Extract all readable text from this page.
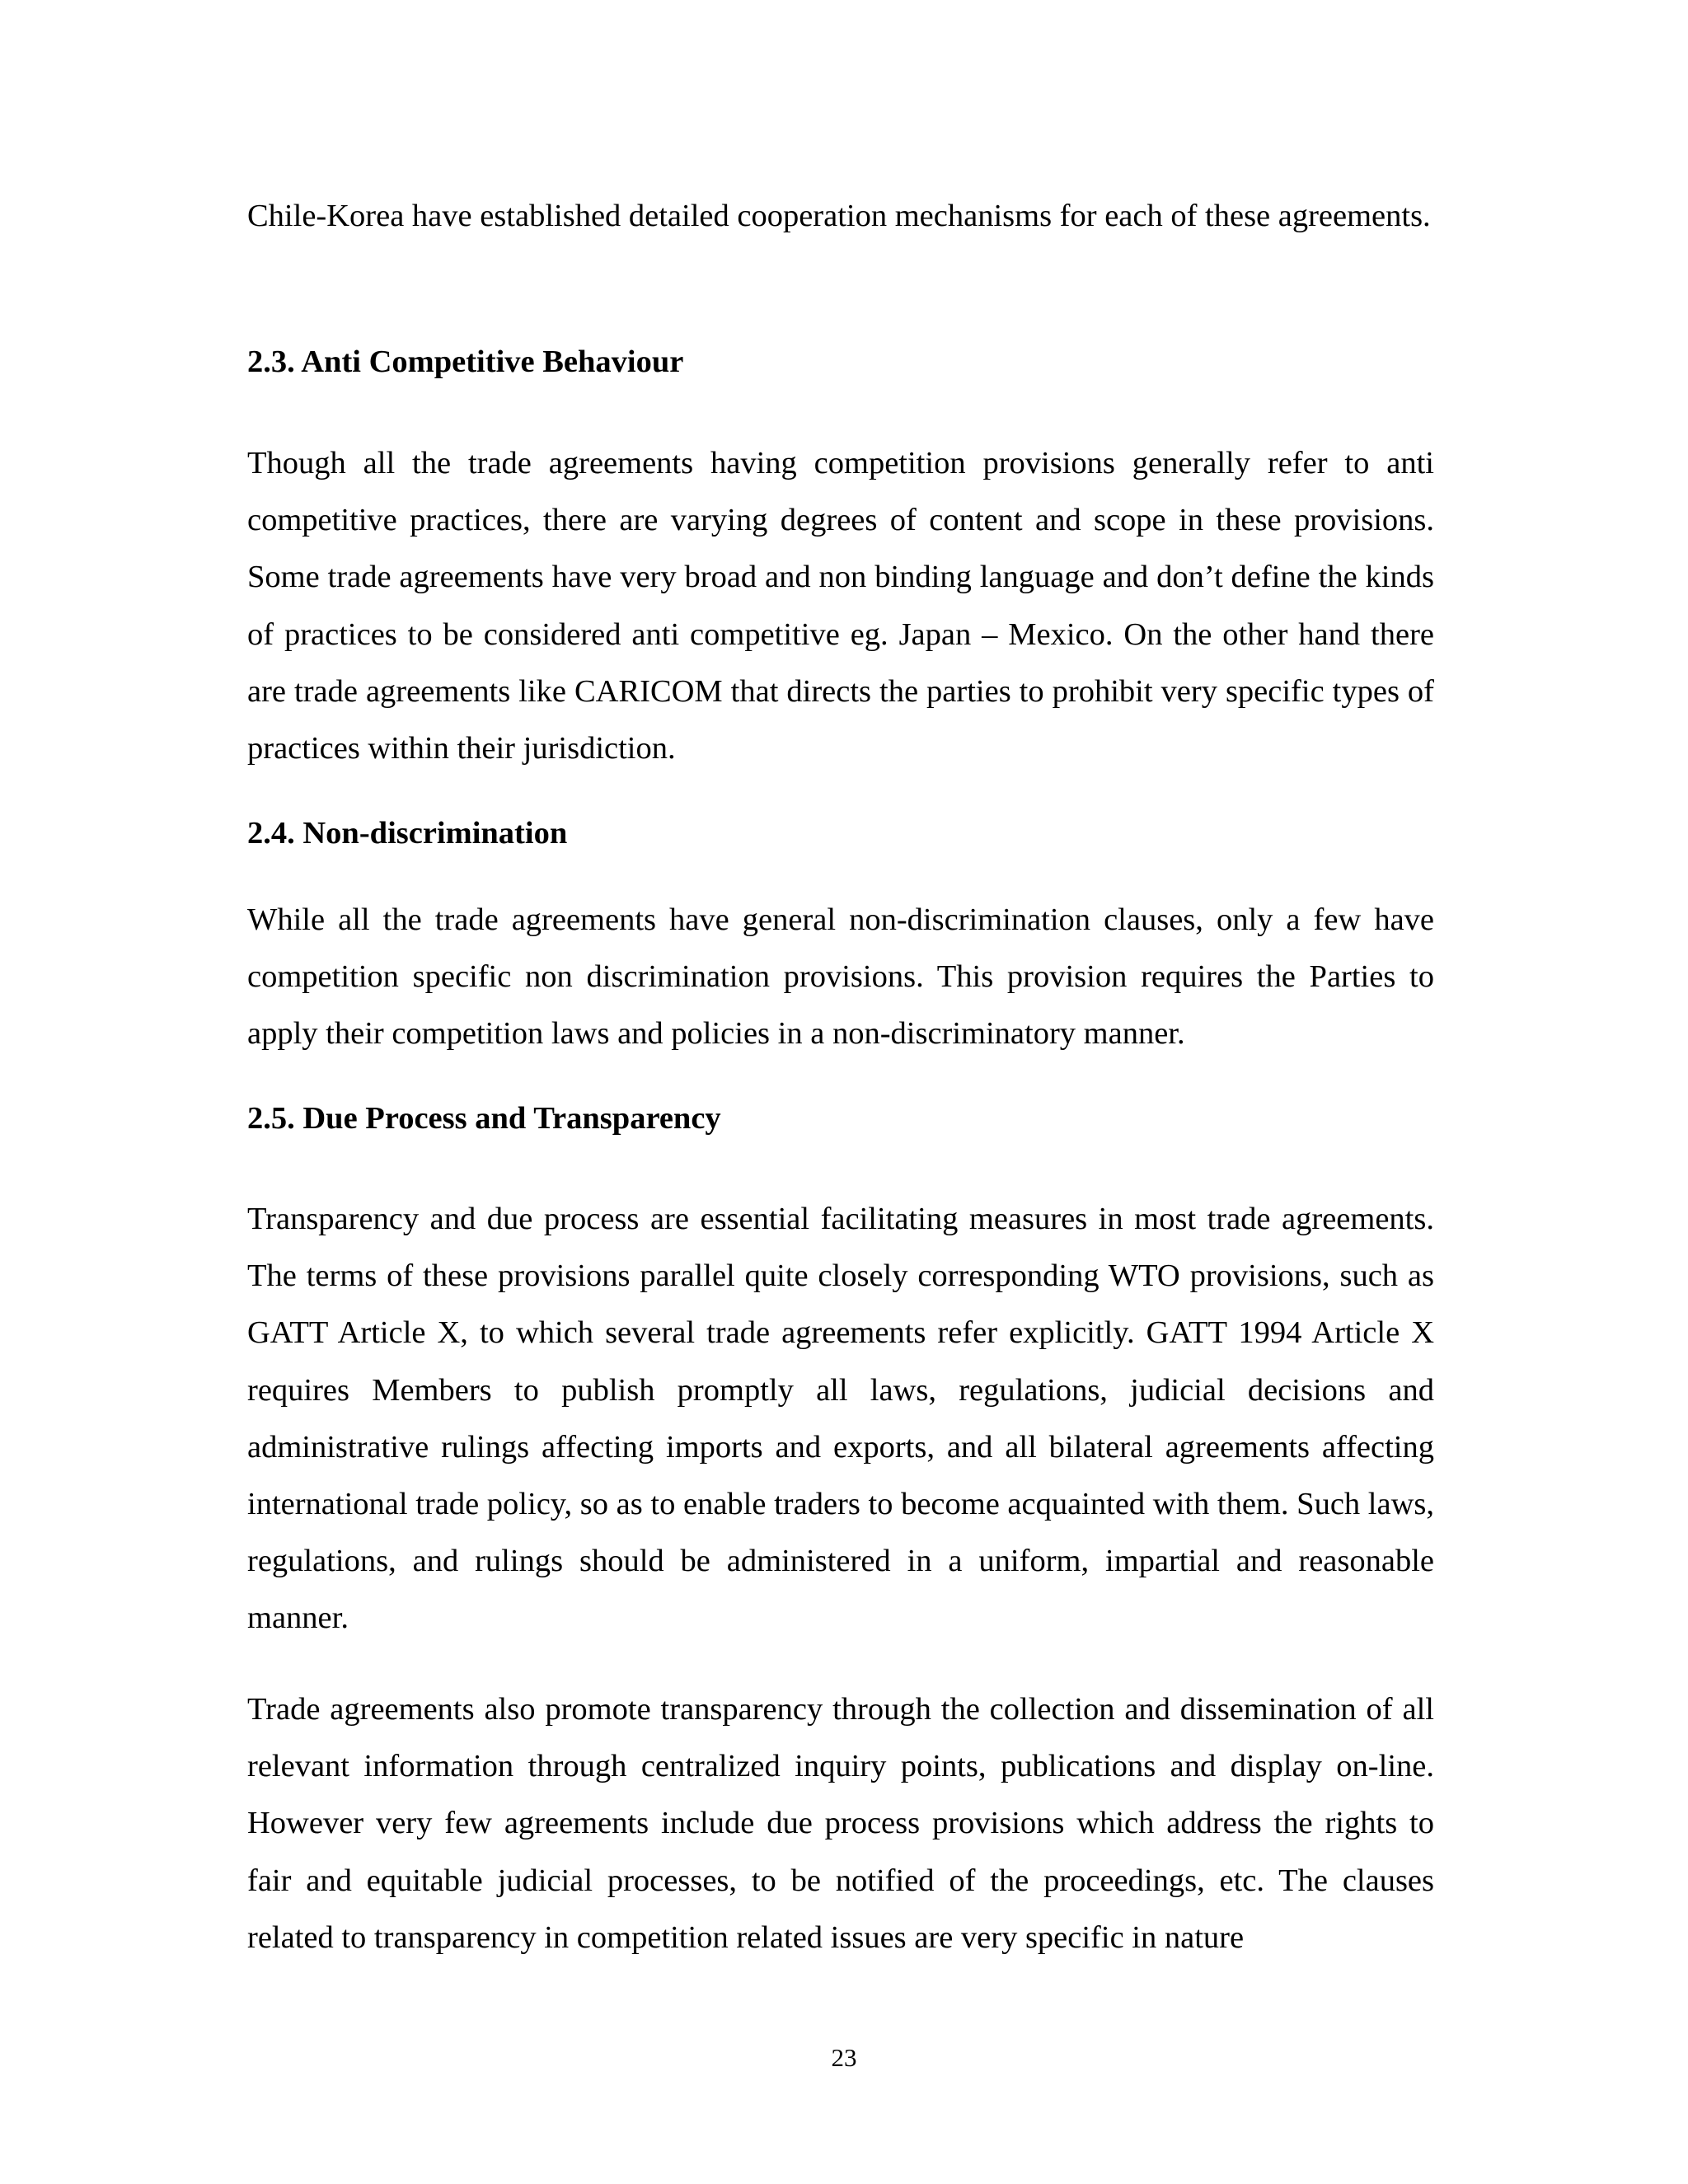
Chile-Korea have established detailed cooperation mechanisms for each of these agreements.

2.3. Anti Competitive Behaviour

Though all the trade agreements having competition provisions generally refer to anti competitive practices, there are varying degrees of content and scope in these provisions. Some trade agreements have very broad and non binding language and don’t define the kinds of practices to be considered anti competitive eg. Japan – Mexico. On the other hand there are trade agreements like CARICOM that directs the parties to prohibit very specific types of practices within their jurisdiction.

2.4. Non-discrimination

While all the trade agreements have general non-discrimination clauses, only a few have competition specific non discrimination provisions. This provision requires the Parties to apply their competition laws and policies in a non-discriminatory manner.

2.5. Due Process and Transparency

Transparency and due process are essential facilitating measures in most trade agreements. The terms of these provisions parallel quite closely corresponding WTO provisions, such as GATT Article X, to which several trade agreements refer explicitly. GATT 1994 Article X requires Members to publish promptly all laws, regulations, judicial decisions and administrative rulings affecting imports and exports, and all bilateral agreements affecting international trade policy, so as to enable traders to become acquainted with them. Such laws, regulations, and rulings should be administered in a uniform, impartial and reasonable manner.

Trade agreements also promote transparency through the collection and dissemination of all relevant information through centralized inquiry points, publications and display on-line. However very few agreements include due process provisions which address the rights to fair and equitable judicial processes, to be notified of the proceedings, etc. The clauses related to transparency in competition related issues are very specific in nature

23
